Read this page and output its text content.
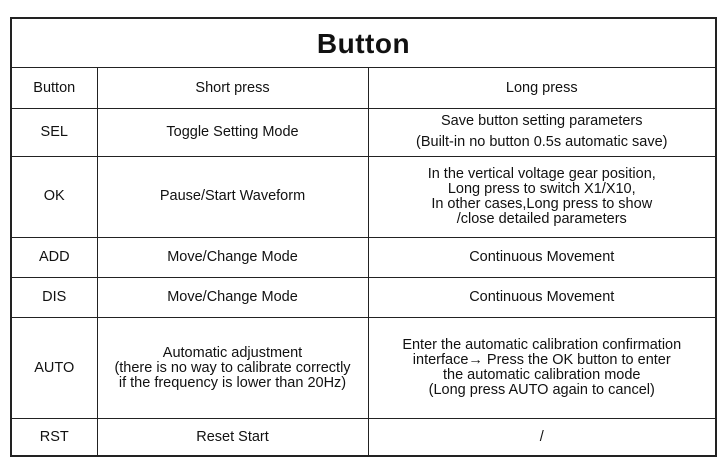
Button		
Button	Short press	Long press
SEL	Toggle Setting Mode	Save button setting parameters
(Built-in no button 0.5s automatic save)

OK	Pause/Start Waveform	In the vertical voltage gear position,
Long press to switch X1/X10,
In other cases,Long press to show
/close detailed parameters

ADD	Move/Change Mode	Continuous Movement

DIS	Move/Change Mode	Continuous Movement

AUTO	Automatic adjustment
(there is no way to calibrate correctly
if the frequency is lower than 20Hz)	Enter the automatic calibration confirmation
interface→ Press the OK button to enter
the automatic calibration mode
(Long press AUTO again to cancel)

RST	Reset Start	/
